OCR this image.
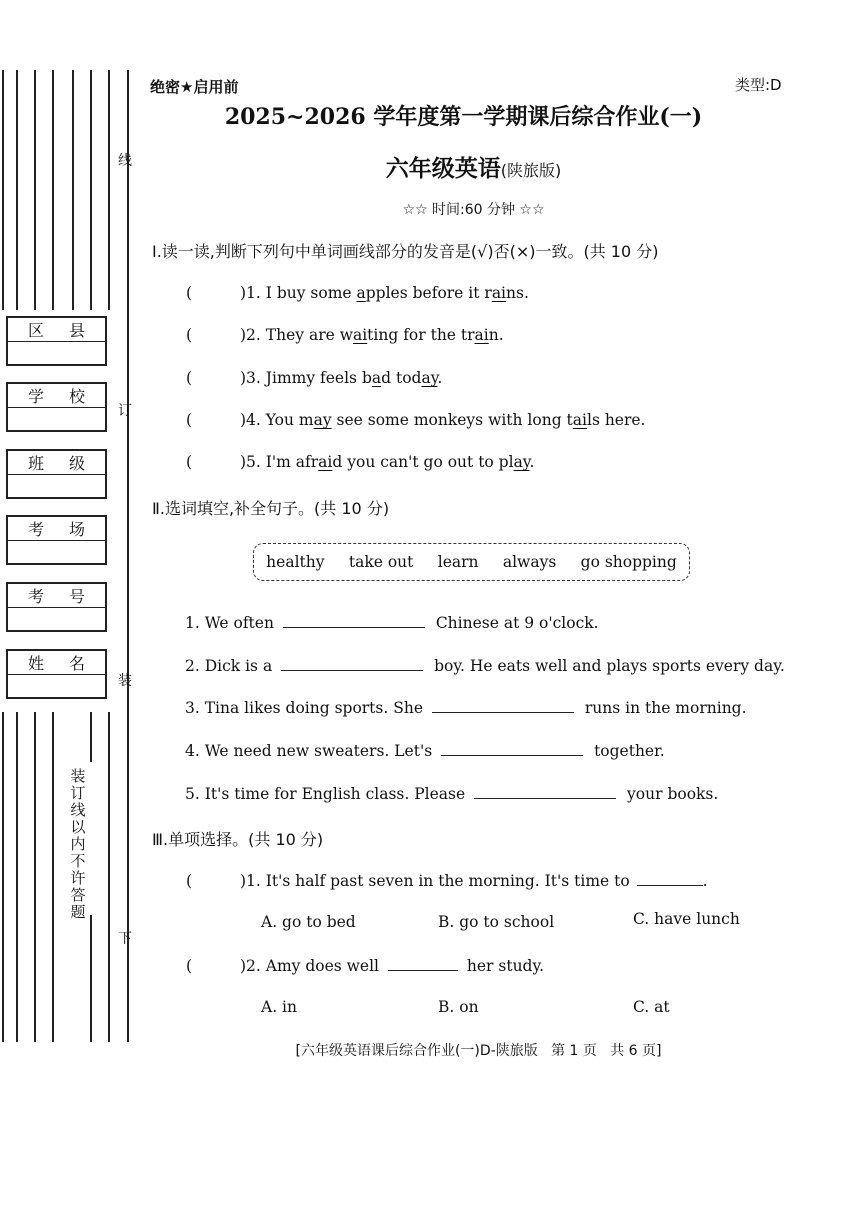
区 县
学 校
班 级
考 场
考 号
姓 名
线
订
装
下
装订线以内不许答题
绝密★启用前	类型:D
2025~2026 学年度第一学期课后综合作业(一)
六年级英语(陕旅版)
☆☆ 时间:60 分钟 ☆☆
Ⅰ.读一读,判断下列句中单词画线部分的发音是(√)否(×)一致。(共 10 分)
(	)1. I buy some apples before it rains.
(	)2. They are waiting for the train.
(	)3. Jimmy feels bad today.
(	)4. You may see some monkeys with long tails here.
(	)5. I'm afraid you can't go out to play.
Ⅱ.选词填空,补全句子。(共 10 分)
healthy take out learn always go shopping
1. We often	Chinese at 9 o'clock.
2. Dick is a	boy. He eats well and plays sports every day.
3. Tina likes doing sports. She	runs in the morning.
4. We need new sweaters. Let's	together.
5. It's time for English class. Please	your books.
Ⅲ.单项选择。(共 10 分)
(	)1. It's half past seven in the morning. It's time to	.
A. go to bed	B. go to school	C. have lunch
(	)2. Amy does well	her study.
A. in	B. on	C. at
[六年级英语课后综合作业(一)D-陕旅版   第 1 页   共 6 页]
